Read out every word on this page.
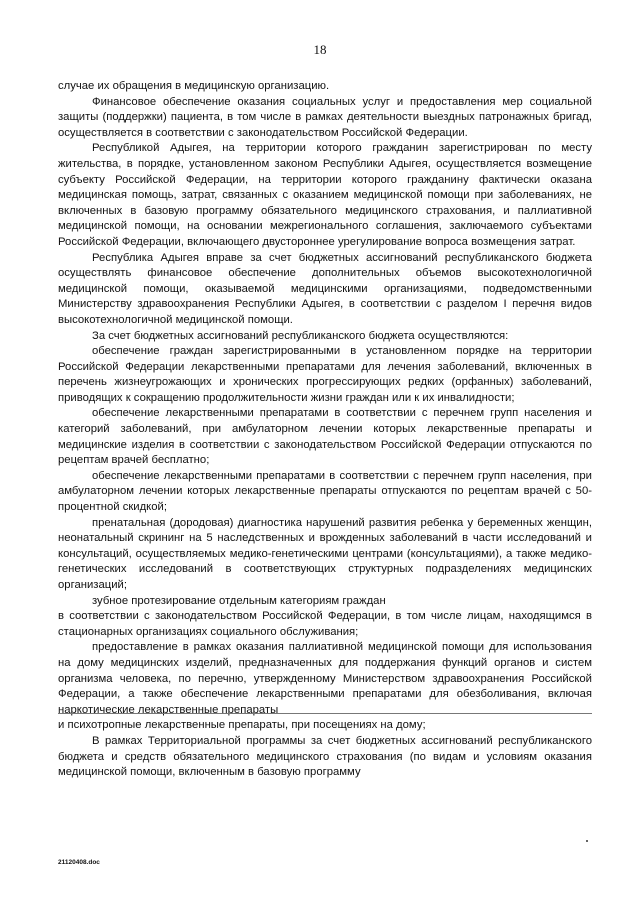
18

случае их обращения в медицинскую организацию.

Финансовое обеспечение оказания социальных услуг и предоставления мер социальной защиты (поддержки) пациента, в том числе в рамках деятельности выездных патронажных бригад, осуществляется в соответствии с законодательством Российской Федерации.

Республикой Адыгея, на территории которого гражданин зарегистрирован по месту жительства, в порядке, установленном законом Республики Адыгея, осуществляется возмещение субъекту Российской Федерации, на территории которого гражданину фактически оказана медицинская помощь, затрат, связанных с оказанием медицинской помощи при заболеваниях, не включенных в базовую программу обязательного медицинского страхования, и паллиативной медицинской помощи, на основании межрегионального соглашения, заключаемого субъектами Российской Федерации, включающего двустороннее урегулирование вопроса возмещения затрат.

Республика Адыгея вправе за счет бюджетных ассигнований республиканского бюджета осуществлять финансовое обеспечение дополнительных объемов высокотехнологичной медицинской помощи, оказываемой медицинскими организациями, подведомственными Министерству здравоохранения Республики Адыгея, в соответствии с разделом I перечня видов высокотехнологичной медицинской помощи.

За счет бюджетных ассигнований республиканского бюджета осуществляются:

обеспечение граждан зарегистрированными в установленном порядке на территории Российской Федерации лекарственными препаратами для лечения заболеваний, включенных в перечень жизнеугрожающих и хронических прогрессирующих редких (орфанных) заболеваний, приводящих к сокращению продолжительности жизни граждан или к их инвалидности;

обеспечение лекарственными препаратами в соответствии с перечнем групп населения и категорий заболеваний, при амбулаторном лечении которых лекарственные препараты и медицинские изделия в соответствии с законодательством Российской Федерации отпускаются по рецептам врачей бесплатно;

обеспечение лекарственными препаратами в соответствии с перечнем групп населения, при амбулаторном лечении которых лекарственные препараты отпускаются по рецептам врачей с 50-процентной скидкой;

пренатальная (дородовая) диагностика нарушений развития ребенка у беременных женщин, неонатальный скрининг на 5 наследственных и врожденных заболеваний в части исследований и консультаций, осуществляемых медико-генетическими центрами (консультациями), а также медико-генетических исследований в соответствующих структурных подразделениях медицинских организаций;

зубное протезирование отдельным категориям граждан

в соответствии с законодательством Российской Федерации, в том числе лицам, находящимся в стационарных организациях социального обслуживания;

предоставление в рамках оказания паллиативной медицинской помощи для использования на дому медицинских изделий, предназначенных для поддержания функций органов и систем организма человека, по перечню, утвержденному Министерством здравоохранения Российской Федерации, а также обеспечение лекарственными препаратами для обезболивания, включая наркотические лекарственные препараты

и психотропные лекарственные препараты, при посещениях на дому;

В рамках Территориальной программы за счет бюджетных ассигнований республиканского бюджета и средств обязательного медицинского страхования (по видам и условиям оказания медицинской помощи, включенным в базовую программу

21120408.doc
